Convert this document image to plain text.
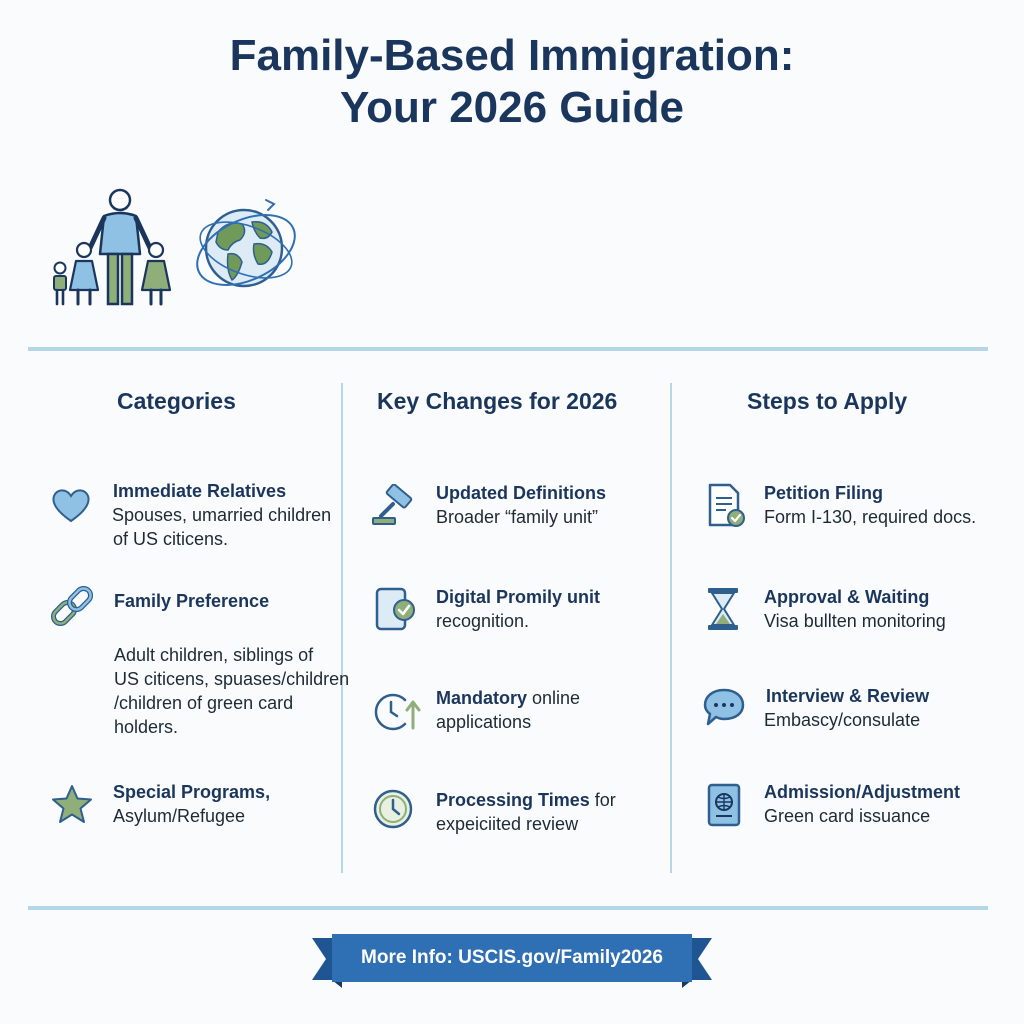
Family-Based Immigration:
Your 2026 Guide
Categories	Key Changes for 2026	Steps to Apply
Immediate Relatives
Spouses, umarried children
of US citicens.
Family Preference
Adult children, siblings of
US citicens, spuases/children
/children of green card
holders.
Special Programs,
Asylum/Refugee
Updated Definitions
Broader “family unit”
Digital Promily unit
recognition.
Mandatory online
applications
Processing Times for
expeiciited review
Petition Filing
Form I-130, required docs.
Approval & Waiting
Visa bullten monitoring
Interview & Review
Embascy/consulate
Admission/Adjustment
Green card issuance
More Info: USCIS.gov/Family2026
